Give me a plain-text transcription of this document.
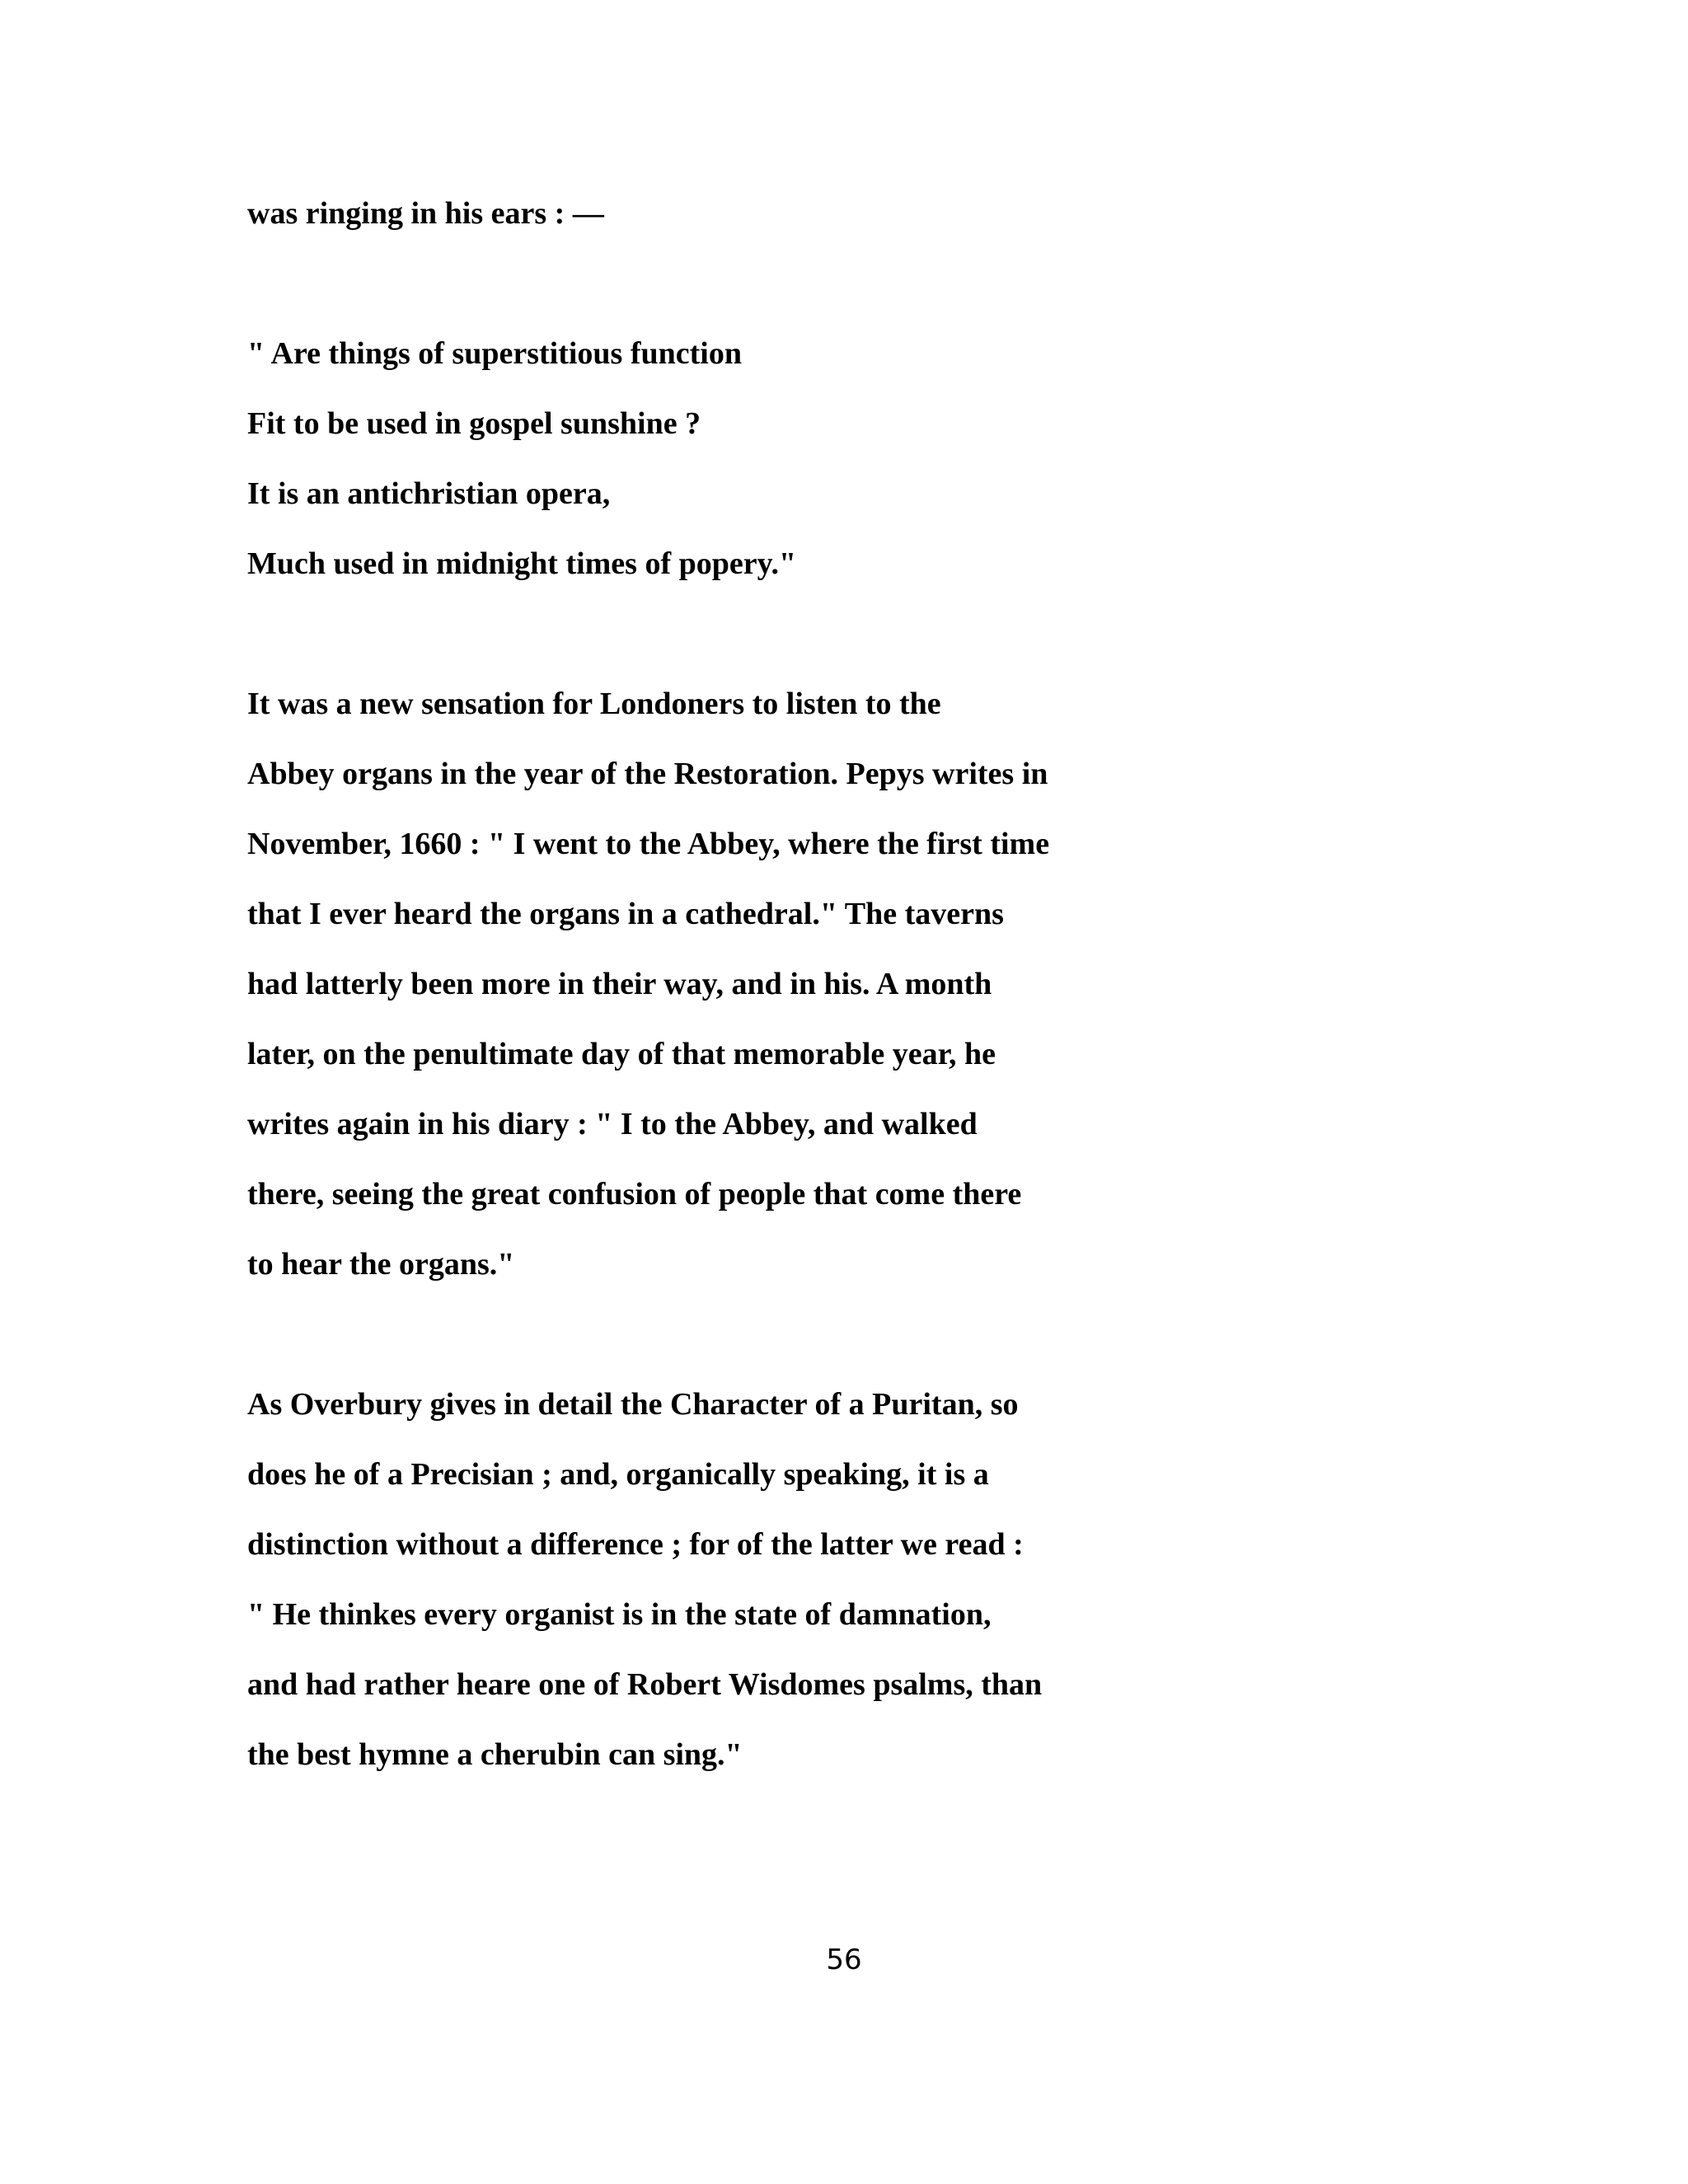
was ringing in his ears : —
" Are things of superstitious function
Fit to be used in gospel sunshine ?
It is an antichristian opera,
Much used in midnight times of popery."
It was a new sensation for Londoners to listen to the
Abbey organs in the year of the Restoration. Pepys writes in
November, 1660 : " I went to the Abbey, where the first time
that I ever heard the organs in a cathedral." The taverns
had latterly been more in their way, and in his. A month
later, on the penultimate day of that memorable year, he
writes again in his diary : " I to the Abbey, and walked
there, seeing the great confusion of people that come there
to hear the organs."
As Overbury gives in detail the Character of a Puritan, so
does he of a Precisian ; and, organically speaking, it is a
distinction without a difference ; for of the latter we read :
" He thinkes every organist is in the state of damnation,
and had rather heare one of Robert Wisdomes psalms, than
the best hymne a cherubin can sing."
56
